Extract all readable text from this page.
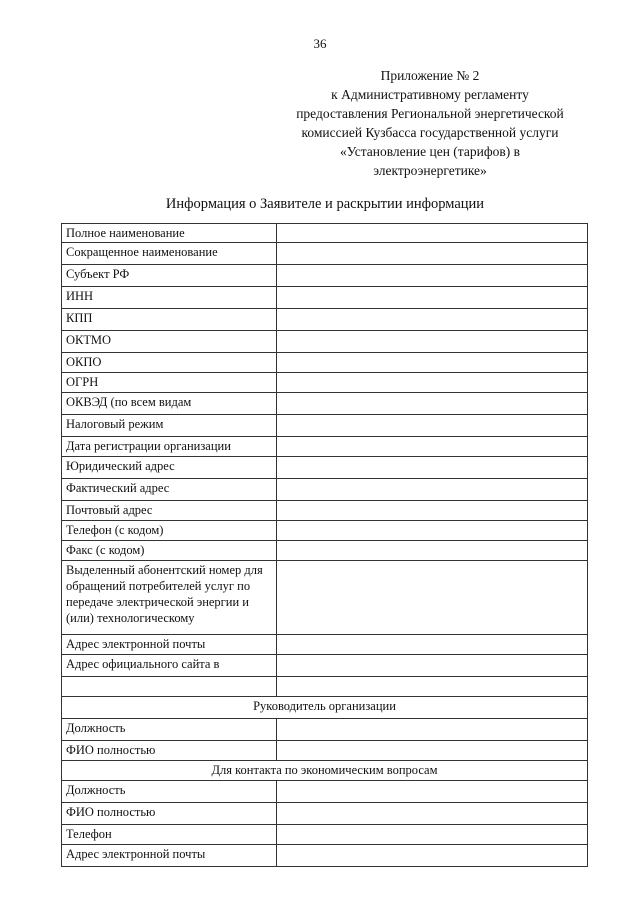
36
Приложение № 2
к Административному регламенту
предоставления Региональной энергетической
комиссией Кузбасса государственной услуги
«Установление цен (тарифов) в
электроэнергетике»
Информация о Заявителе и раскрытии информации
Полное наименование	
Сокращенное наименование	
Субъект РФ	
ИНН	
КПП	
ОКТМО	
ОКПО	
ОГРН	
ОКВЭД (по всем видам	
Налоговый режим	
Дата регистрации организации	
Юридический адрес	
Фактический адрес	
Почтовый адрес	
Телефон (с кодом)	
Факс (с кодом)	
Выделенный абонентский номер для обращений потребителей услуг по передаче электрической энергии и (или) технологическому	
Адрес электронной почты	
Адрес официального сайта в	

Руководитель организации	
Должность	
ФИО полностью	
Для контакта по экономическим вопросам	
Должность	
ФИО полностью	
Телефон	
Адрес электронной почты	
